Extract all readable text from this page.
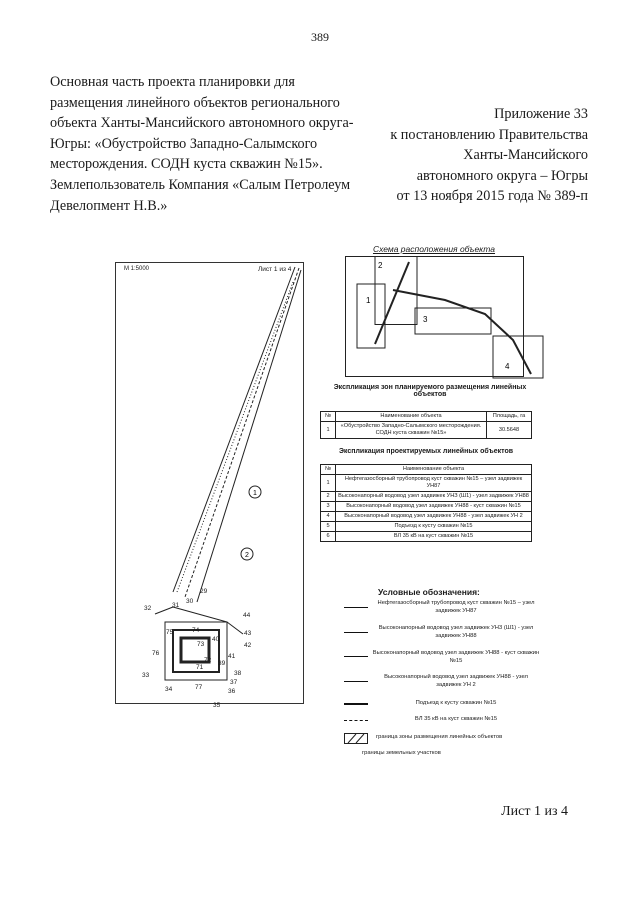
389
Основная часть проекта планировки для
размещения линейного объектов регионального
объекта Ханты-Мансийского автономного округа-
Югры: «Обустройство Западно-Салымского
месторождения. СОДН куста скважин №15».
Землепользователь Компания «Салым Петролеум
Девелопмент Н.В.»
Приложение 33
к постановлению Правительства
Ханты-Мансийского
автономного округа – Югры
от 13 ноября 2015 года № 389-п
М 1:5000	Лист 1 из 4
1
2
29
30
31
32
75	74
73
72
71
76
33
34	77
35
36
37
38
39
40
41
42
43
44
Схема расположения объекта
1
2
3
4
Экспликация зон планируемого размещения линейных объектов
№	Наименование объекта	Площадь, га
1	«Обустройство Западно-Салымского месторождения. СОДН куста скважин №15»	30.5648
Экспликация проектируемых линейных объектов
№	Наименование объекта
1	Нефтегазосборный трубопровод куст скважин №15 – узел задвижек УН87
2	Высоконапорный водовод узел задвижек УНЗ (Ш1) - узел задвижек УН88
3	Высоконапорный водовод узел задвижек УН88 - куст скважин №15
4	Высоконапорный водовод узел задвижек УН88 - узел задвижек УН 2
5	Подъезд к кусту скважин №15
6	ВЛ 35 кВ на куст скважин №15
Условные обозначения:
Нефтегазосборный трубопровод куст скважин №15 – узел задвижек УН87
Высоконапорный водовод узел задвижек УН3 (Ш1) - узел задвижек УН88
Высоконапорный водовод узел задвижек УН88 - куст скважин №15
Высоконапорный водовод узел задвижек УН88 - узел задвижек УН 2
Подъезд к кусту скважин №15
ВЛ 35 кВ на куст скважин №15
граница зоны размещения линейных объектов
границы земельных участков
Лист 1 из 4
